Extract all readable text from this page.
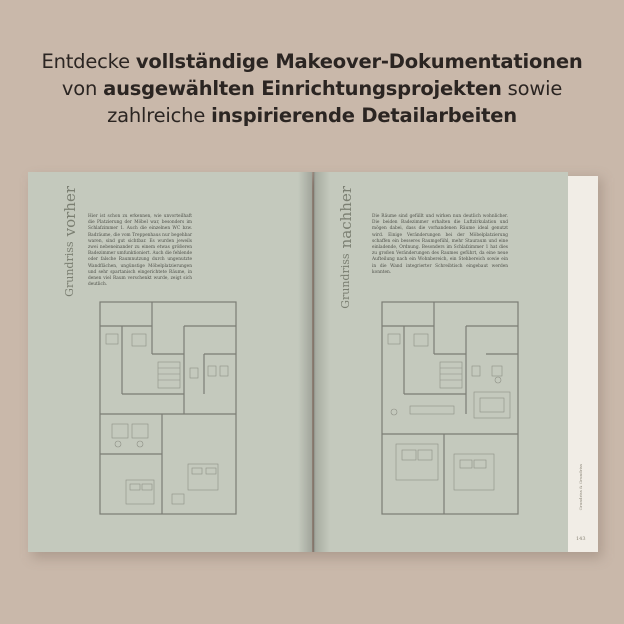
Entdecke vollständige Makeover-Dokumentationen
von ausgewählten Einrichtungsprojekten sowie
zahlreiche inspirierende Detailarbeiten
Grundriss vorher Hier ist schon zu erkennen, wie unvorteilhaft die Platzierung der Möbel war, besonders im Schlafzimmer 1. Auch die einzelnen WC bzw. Badräume, die vom Treppenhaus nur begehbar waren, sind gut sichtbar. Es wurden jeweils zwei nebeneinander zu einem etwas größeren Badezimmer umfunktioniert. Auch die fehlende oder falsche Raumnutzung durch ungenutzte Wandflächen, ungünstige Möbelplatzierungen und sehr spartanisch eingerichtete Räume, in denen viel Raum verschenkt wurde, zeigt sich deutlich.	Grundriss nachher	Die Räume sind gefüllt und wirken nun deutlich wohnlicher. Die beiden Badezimmer erhalten die Luftzirkulation und mögen dabei, dass die vorhandenen Räume ideal genutzt wird. Einige Veränderungen bei der Möbelplatzierung schaffen ein besseres Raumgefühl, mehr Stauraum und eine einladende, Ordnung. Besonders im Schlafzimmer 1 hat dies zu großen Veränderungen des Raumes geführt, da eine neue Aufteilung nach ein Wohnbereich, ein Stehbereich sowie ein in die Wand integrierter Schreibtisch eingebaut werden konnten.
Grundriss & Grundriss
143
